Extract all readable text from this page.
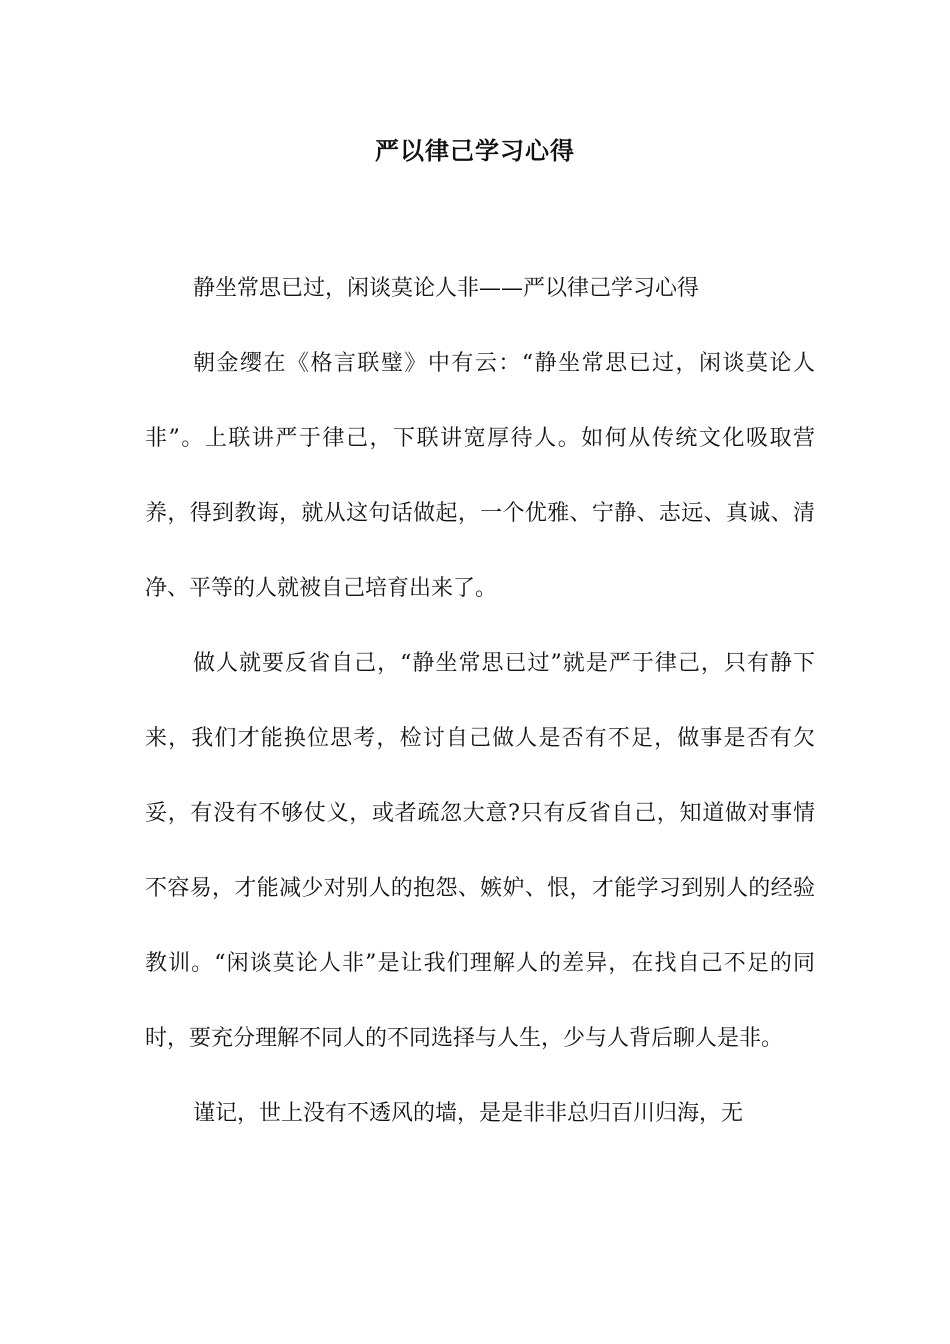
严以律己学习心得

静坐常思已过，闲谈莫论人非——严以律己学习心得

朝金缨在《格言联璧》中有云：“静坐常思已过，闲谈莫论人非”。上联讲严于律己，下联讲宽厚待人。如何从传统文化吸取营养，得到教诲，就从这句话做起，一个优雅、宁静、志远、真诚、清净、平等的人就被自己培育出来了。

做人就要反省自己，“静坐常思已过”就是严于律己，只有静下来，我们才能换位思考，检讨自己做人是否有不足，做事是否有欠妥，有没有不够仗义，或者疏忽大意?只有反省自己，知道做对事情不容易，才能减少对别人的抱怨、嫉妒、恨，才能学习到别人的经验教训。“闲谈莫论人非”是让我们理解人的差异，在找自己不足的同时，要充分理解不同人的不同选择与人生，少与人背后聊人是非。

谨记，世上没有不透风的墙，是是非非总归百川归海，无
